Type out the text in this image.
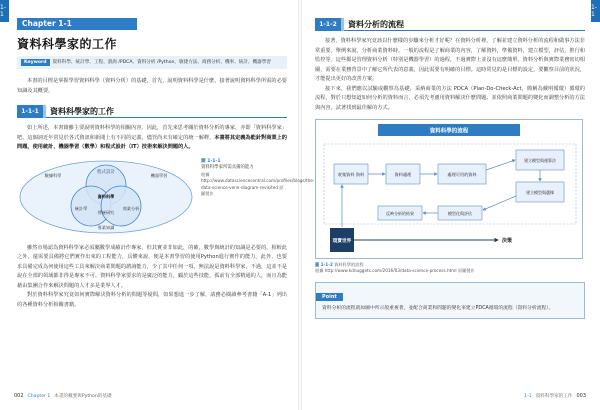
1-1
1-1
Chapter 1-1
資料科學家的工作
Keyword	資料科學、統計學、工程、諮詢 /PDCA、資料分析 /Python、敏捷方法、商務分析、機率、統計、機器學習

本書的目標是掌握學習資料科學（資料分析）的基礎，首先，說明資料科學是什麼，接著說明資料科學所需的必要知識及其概要。

1-1-1	資料科學家的工作

如上所述，本書籍雖主要說明資料科學的相關內容，因此，首先來思考關於資料分析的專家，亦即「資料科學家」吧。這個詞近年常見於各式資訊和新聞上有不同的定義，儘管尚未有確定的統一解釋，本書將其定義為能針對商業上的問題，使用統計、機器學習（數學）和程式設計（IT）技術來解決問題的人。

程式設計
數據科學	機器學習
資料科學
統計學	商業分析
傳統研究
專業知識
圖 1-1-1
資料科學家所需具備的能力
根據 http://www.datasciencecentral.com/profiles/blogs/the-data-science-venn-diagram-revisited 原圖製作

雖然市場認為資料科學家必須屬數學成績計作專家，但其實並非如此，的確，數學與統計的知識是必要的，相較此之外，還需要具備將它們實作出來的工程能力，具體來說，便是本書學習的使用Python進行實作的能力。此外，也要求具備完成為何使用這些工具來解決商業問題的諮詢能力，少了其中任何一項，無法說是資料科學家，不過，這並不是說在全部的領域都非得是專家不可。資料科學家要求的是廣泛的能力，顧於這些技能，孤前有全部精通的人，而且為能藉由集團合作來解決問題的人才多是業界人才。

對於資料科學家究竟如何實際解決資料分析的問題等疑問，如果想進一步了解，請務必閱讀參考書籍「A-1」列出的各種資料分析相關書籍。

002 Chapter 1 本書的概要與Python的基礎
1-1-2	資料分析的流程

接著，資料科學家究竟該以什麼樣的步驟來分析才好呢？在資料分析裡，了解並建立資料分析的流程和做事方法非常重要。舉例來說，分析商業資料時，一般的流程是了解商業的內容，了解資料，準備資料，建立模型，評估，推行和監控等。這些都是管理資料分析（特別是機器學習）的過程，不過實際上並沒有這麼簡單。資料分析與實際業務密切相關，需要在業務背景中了解它所代表的意義，因此需要有明確的目標。這時常見的是目標的設定，要觀察目前的狀況，才能提出更好的改善方案。

接下來，我們應以試驗或觀察為基礎，采納商業的方法 PDCA（Plan-Do-Check-Act，簡稱為戴明循環）循環的流程，對於只想知道如何分析的資料而言，必須先考慮用資料解決什麼問題。並依照商業問題的變化而調整分析的方法與內容，試著找到最佳解的方式。

資料科學的流程
收集資料 資料	資料處理	處理可用的資料
建立模型與運算法
建立模型與選擇
反映分析的結果	模型化與評估
現實世界	決策
圖 1-1-2 資料科學的流程
根據 http://www.kdnuggets.com/2016/03/data-science-process.html 原圖製作
Point
資料分析的流程就如圖中所示般重複著，並配合商業和問題的變化來建立PDCA循環的流程（資料分析流程）。
1-1 資料科學家的工作 003
